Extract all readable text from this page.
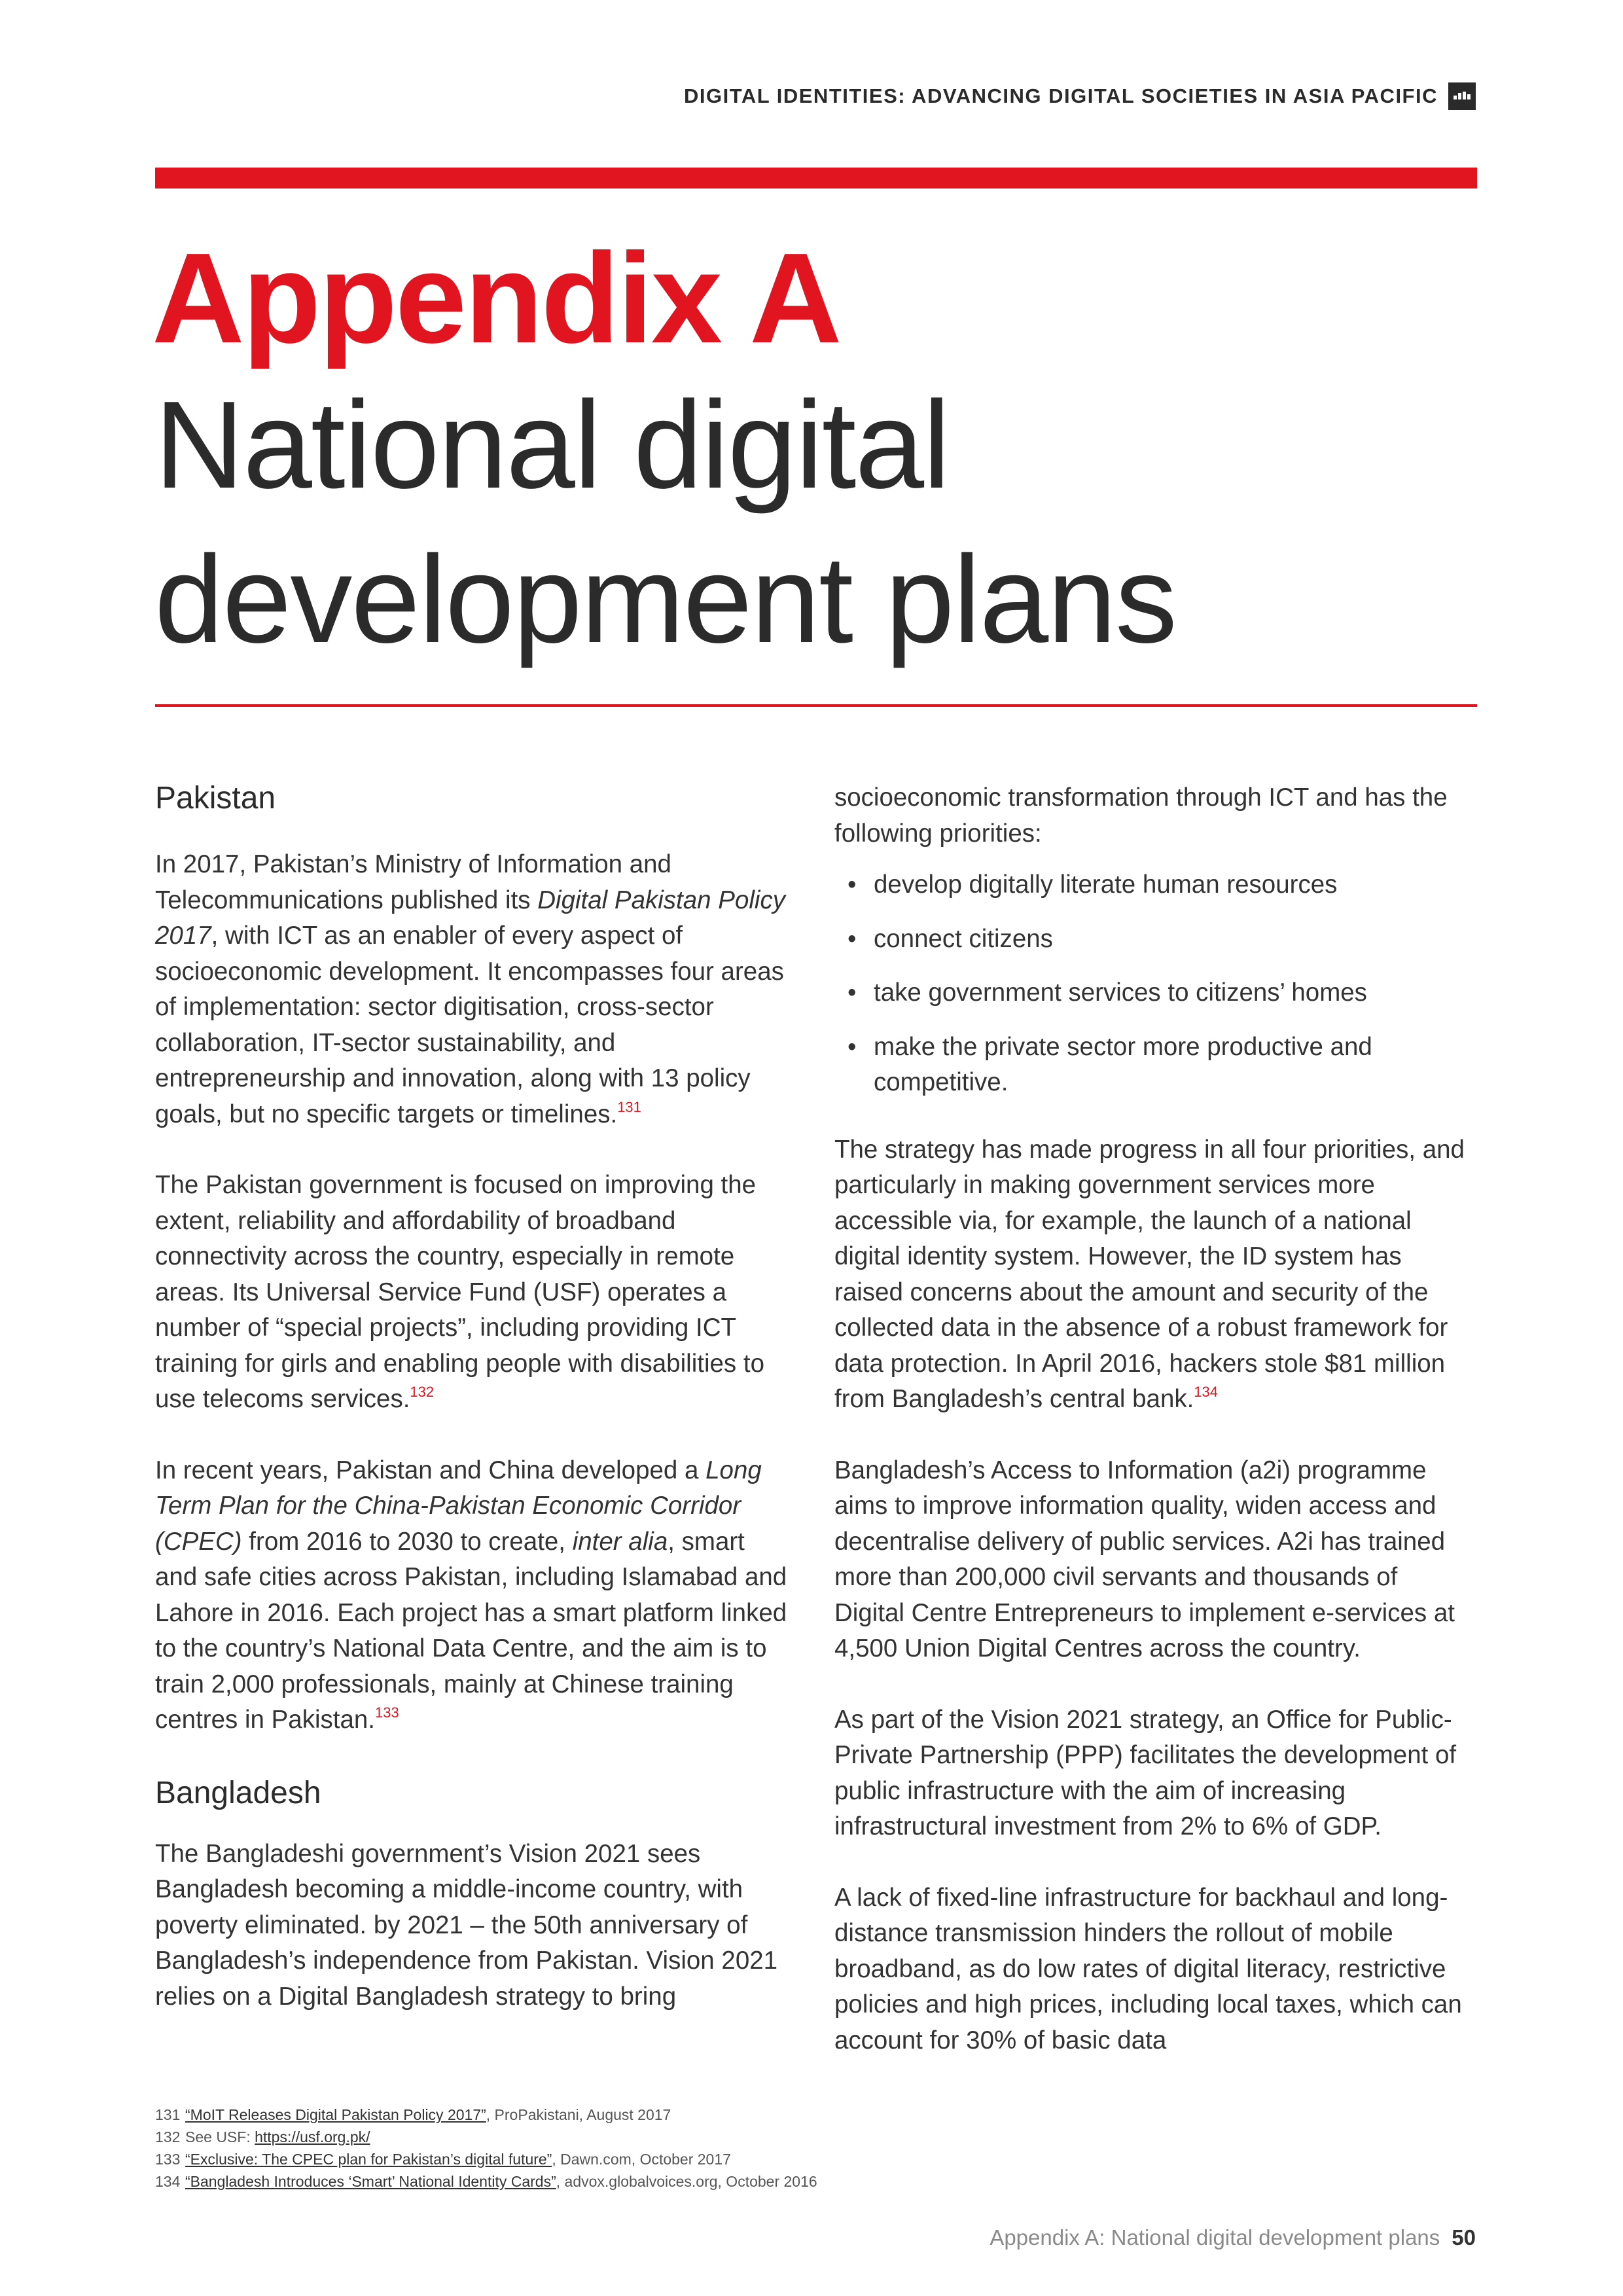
DIGITAL IDENTITIES: ADVANCING DIGITAL SOCIETIES IN ASIA PACIFIC
Appendix A
National digital
development plans
Pakistan

In 2017, Pakistan’s Ministry of Information and Telecommunications published its Digital Pakistan Policy 2017, with ICT as an enabler of every aspect of socioeconomic development. It encompasses four areas of implementation: sector digitisation, cross-sector collaboration, IT-sector sustainability, and entrepreneurship and innovation, along with 13 policy goals, but no specific targets or timelines.$^{131}$

The Pakistan government is focused on improving the extent, reliability and affordability of broadband connectivity across the country, especially in remote areas. Its Universal Service Fund (USF) operates a number of “special projects”, including providing ICT training for girls and enabling people with disabilities to use telecoms services.$^{132}$

In recent years, Pakistan and China developed a Long Term Plan for the China-Pakistan Economic Corridor (CPEC) from 2016 to 2030 to create, inter alia, smart and safe cities across Pakistan, including Islamabad and Lahore in 2016. Each project has a smart platform linked to the country’s National Data Centre, and the aim is to train 2,000 professionals, mainly at Chinese training centres in Pakistan.$^{133}$

Bangladesh

The Bangladeshi government’s Vision 2021 sees Bangladesh becoming a middle-income country, with poverty eliminated. by 2021 – the 50th anniversary of Bangladesh’s independence from Pakistan. Vision 2021 relies on a Digital Bangladesh strategy to bring

socioeconomic transformation through ICT and has the following priorities:

• develop digitally literate human resources
• connect citizens
• take government services to citizens’ homes
• make the private sector more productive and competitive.

The strategy has made progress in all four priorities, and particularly in making government services more accessible via, for example, the launch of a national digital identity system. However, the ID system has raised concerns about the amount and security of the collected data in the absence of a robust framework for data protection. In April 2016, hackers stole $81 million from Bangladesh’s central bank.$^{134}$

Bangladesh’s Access to Information (a2i) programme aims to improve information quality, widen access and decentralise delivery of public services. A2i has trained more than 200,000 civil servants and thousands of Digital Centre Entrepreneurs to implement e-services at 4,500 Union Digital Centres across the country.

As part of the Vision 2021 strategy, an Office for Public-Private Partnership (PPP) facilitates the development of public infrastructure with the aim of increasing infrastructural investment from 2% to 6% of GDP.

A lack of fixed-line infrastructure for backhaul and long-distance transmission hinders the rollout of mobile broadband, as do low rates of digital literacy, restrictive policies and high prices, including local taxes, which can account for 30% of basic data

131 “MoIT Releases Digital Pakistan Policy 2017”, ProPakistani, August 2017
132 See USF: https://usf.org.pk/
133 “Exclusive: The CPEC plan for Pakistan’s digital future”, Dawn.com, October 2017
134 “Bangladesh Introduces ‘Smart’ National Identity Cards”, advox.globalvoices.org, October 2016
Appendix A: National digital development plans 50
